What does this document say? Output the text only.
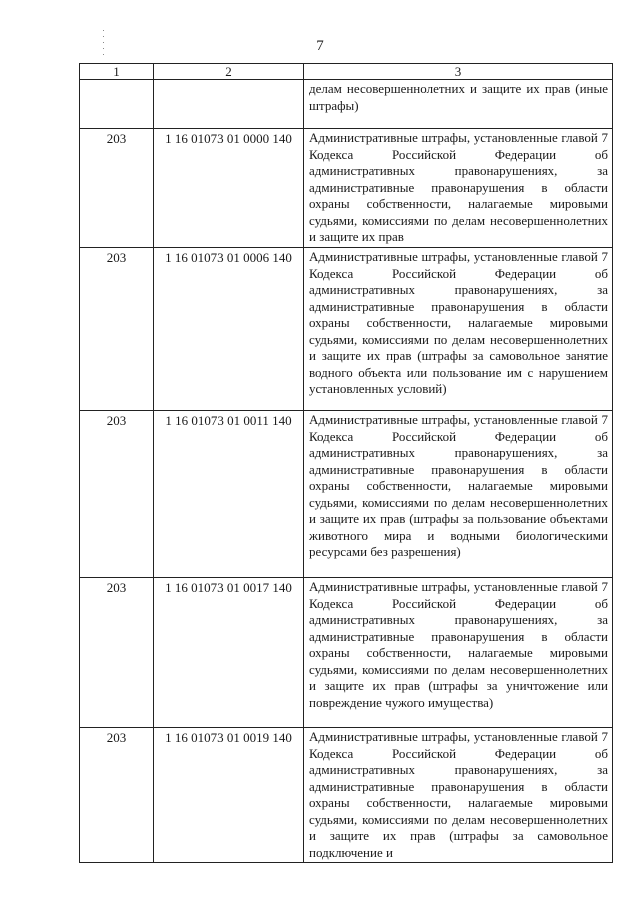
7
1	2	3

		делам несовершеннолетних и защите их прав (иные штрафы)

203	1 16 01073 01 0000 140	Административные штрафы, установленные главой 7 Кодекса Российской Федерации об административных правонарушениях, за административные правонарушения в области охраны собственности, налагаемые мировыми судьями, комиссиями по делам несовершеннолетних и защите их прав

203	1 16 01073 01 0006 140	Административные штрафы, установленные главой 7 Кодекса Российской Федерации об административных правонарушениях, за административные правонарушения в области охраны собственности, налагаемые мировыми судьями, комиссиями по делам несовершеннолетних и защите их прав (штрафы за самовольное занятие водного объекта или пользование им с нарушением установленных условий)

203	1 16 01073 01 0011 140	Административные штрафы, установленные главой 7 Кодекса Российской Федерации об административных правонарушениях, за административные правонарушения в области охраны собственности, налагаемые мировыми судьями, комиссиями по делам несовершеннолетних и защите их прав (штрафы за пользование объектами животного мира и водными биологическими ресурсами без разрешения)

203	1 16 01073 01 0017 140	Административные штрафы, установленные главой 7 Кодекса Российской Федерации об административных правонарушениях, за административные правонарушения в области охраны собственности, налагаемые мировыми судьями, комиссиями по делам несовершеннолетних и защите их прав (штрафы за уничтожение или повреждение чужого имущества)

203	1 16 01073 01 0019 140	Административные штрафы, установленные главой 7 Кодекса Российской Федерации об административных правонарушениях, за административные правонарушения в области охраны собственности, налагаемые мировыми судьями, комиссиями по делам несовершеннолетних и защите их прав (штрафы за самовольное подключение и
